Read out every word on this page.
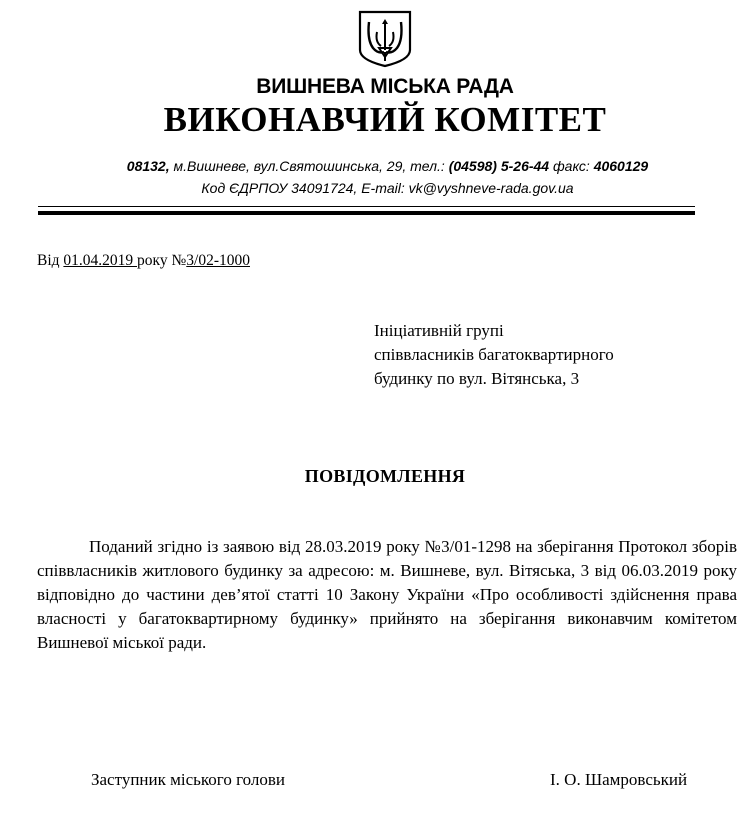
ВИШНЕВА МІСЬКА РАДА
ВИКОНАВЧИЙ КОМІТЕТ
08132, м.Вишневе, вул.Святошинська, 29, тел.: (04598) 5-26-44 факс: 4060129
Код ЄДРПОУ 34091724, E-mail: vk@vyshneve-rada.gov.ua
Від 01.04.2019 року №3/02-1000
Ініціативній групі
співвласників багатоквартирного
будинку по вул. Вітянська, 3
ПОВІДОМЛЕННЯ
Поданий згідно із заявою від 28.03.2019 року №3/01-1298 на зберігання Протокол зборів співвласників житлового будинку за адресою: м. Вишневе, вул. Вітяська, 3 від 06.03.2019 року відповідно до частини дев’ятої статті 10 Закону України «Про особливості здійснення права власності у багатоквартирному будинку» прийнято на зберігання виконавчим комітетом Вишневої міської ради.
Заступник міського голови	І. О. Шамровський
